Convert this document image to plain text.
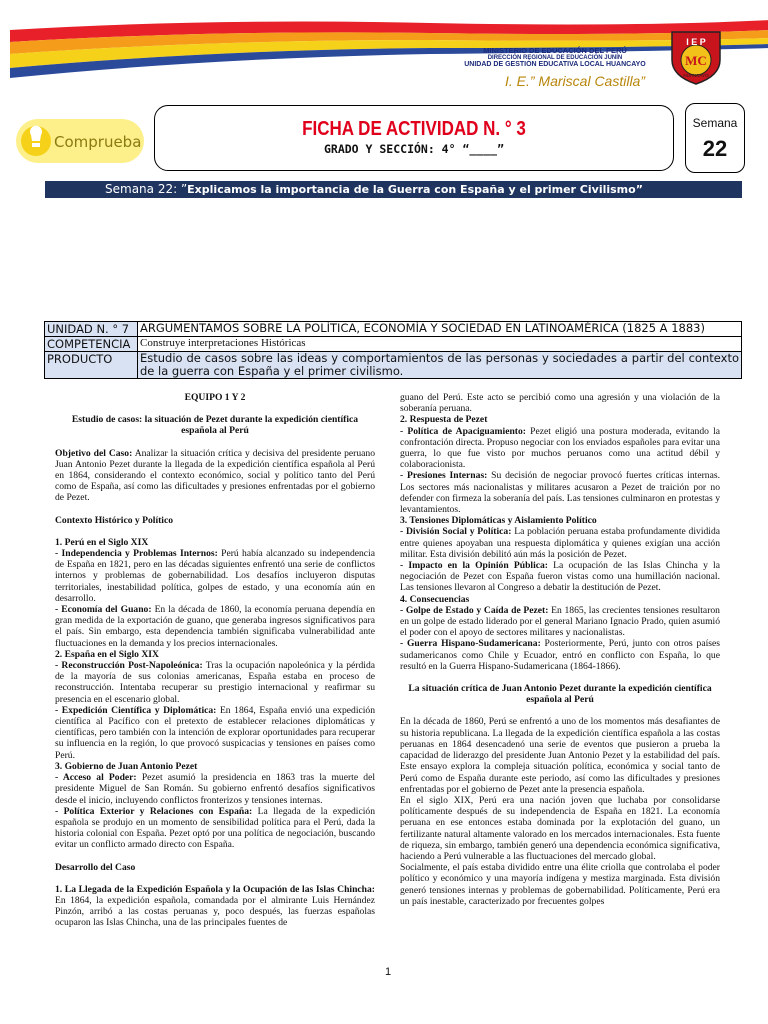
MINISTERIO DE EDUCACIÓN DEL PERÚ
DIRECCIÓN REGIONAL DE EDUCACIÓN JUNÍN
UNIDAD DE GESTIÓN EDUCATIVA LOCAL HUANCAYO
I. E.” Mariscal Castilla”
I E P
MC
HUANCAYO
Comprueba
FICHA DE ACTIVIDAD N. ° 3
GRADO Y SECCIÓN: 4° “____”
Semana
22
Semana 22: ”Explicamos la importancia de la Guerra con España y el primer Civilismo”
UNIDAD N. ° 7	ARGUMENTAMOS SOBRE LA POLÍTICA, ECONOMÍA Y SOCIEDAD EN LATINOAMÉRICA (1825 A 1883)
COMPETENCIA	Construye interpretaciones Históricas
PRODUCTO	Estudio de casos sobre las ideas y comportamientos de las personas y sociedades a partir del contexto de la guerra con España y el primer civilismo.

EQUIPO 1 Y 2

Estudio de casos: la situación de Pezet durante la expedición científica española al Perú

Objetivo del Caso: Analizar la situación crítica y decisiva del presidente peruano Juan Antonio Pezet durante la llegada de la expedición científica española al Perú en 1864, considerando el contexto económico, social y político tanto del Perú como de España, así como las dificultades y presiones enfrentadas por el gobierno de Pezet.

Contexto Histórico y Político

1. Perú en el Siglo XIX

- Independencia y Problemas Internos: Perú había alcanzado su independencia de España en 1821, pero en las décadas siguientes enfrentó una serie de conflictos internos y problemas de gobernabilidad. Los desafíos incluyeron disputas territoriales, inestabilidad política, golpes de estado, y una economía aún en desarrollo.

- Economía del Guano: En la década de 1860, la economía peruana dependía en gran medida de la exportación de guano, que generaba ingresos significativos para el país. Sin embargo, esta dependencia también significaba vulnerabilidad ante fluctuaciones en la demanda y los precios internacionales.

2. España en el Siglo XIX

- Reconstrucción Post-Napoleónica: Tras la ocupación napoleónica y la pérdida de la mayoría de sus colonias americanas, España estaba en proceso de reconstrucción. Intentaba recuperar su prestigio internacional y reafirmar su presencia en el escenario global.

- Expedición Científica y Diplomática: En 1864, España envió una expedición científica al Pacífico con el pretexto de establecer relaciones diplomáticas y científicas, pero también con la intención de explorar oportunidades para recuperar su influencia en la región, lo que provocó suspicacias y tensiones en países como Perú.

3. Gobierno de Juan Antonio Pezet

- Acceso al Poder: Pezet asumió la presidencia en 1863 tras la muerte del presidente Miguel de San Román. Su gobierno enfrentó desafíos significativos desde el inicio, incluyendo conflictos fronterizos y tensiones internas.

- Política Exterior y Relaciones con España: La llegada de la expedición española se produjo en un momento de sensibilidad política para el Perú, dada la historia colonial con España. Pezet optó por una política de negociación, buscando evitar un conflicto armado directo con España.

Desarrollo del Caso

1. La Llegada de la Expedición Española y la Ocupación de las Islas Chincha: En 1864, la expedición española, comandada por el almirante Luis Hernández Pinzón, arribó a las costas peruanas y, poco después, las fuerzas españolas ocuparon las Islas Chincha, una de las principales fuentes de

guano del Perú. Este acto se percibió como una agresión y una violación de la soberanía peruana.

2. Respuesta de Pezet

- Política de Apaciguamiento: Pezet eligió una postura moderada, evitando la confrontación directa. Propuso negociar con los enviados españoles para evitar una guerra, lo que fue visto por muchos peruanos como una actitud débil y colaboracionista.

- Presiones Internas: Su decisión de negociar provocó fuertes críticas internas. Los sectores más nacionalistas y militares acusaron a Pezet de traición por no defender con firmeza la soberanía del país. Las tensiones culminaron en protestas y levantamientos.

3. Tensiones Diplomáticas y Aislamiento Político

- División Social y Política: La población peruana estaba profundamente dividida entre quienes apoyaban una respuesta diplomática y quienes exigían una acción militar. Esta división debilitó aún más la posición de Pezet.

- Impacto en la Opinión Pública: La ocupación de las Islas Chincha y la negociación de Pezet con España fueron vistas como una humillación nacional. Las tensiones llevaron al Congreso a debatir la destitución de Pezet.

4. Consecuencias

- Golpe de Estado y Caída de Pezet: En 1865, las crecientes tensiones resultaron en un golpe de estado liderado por el general Mariano Ignacio Prado, quien asumió el poder con el apoyo de sectores militares y nacionalistas.

- Guerra Hispano-Sudamericana: Posteriormente, Perú, junto con otros países sudamericanos como Chile y Ecuador, entró en conflicto con España, lo que resultó en la Guerra Hispano-Sudamericana (1864-1866).

La situación crítica de Juan Antonio Pezet durante la expedición científica española al Perú

En la década de 1860, Perú se enfrentó a uno de los momentos más desafiantes de su historia republicana. La llegada de la expedición científica española a las costas peruanas en 1864 desencadenó una serie de eventos que pusieron a prueba la capacidad de liderazgo del presidente Juan Antonio Pezet y la estabilidad del país. Este ensayo explora la compleja situación política, económica y social tanto de Perú como de España durante este periodo, así como las dificultades y presiones enfrentadas por el gobierno de Pezet ante la presencia española.

En el siglo XIX, Perú era una nación joven que luchaba por consolidarse políticamente después de su independencia de España en 1821. La economía peruana en ese entonces estaba dominada por la explotación del guano, un fertilizante natural altamente valorado en los mercados internacionales. Esta fuente de riqueza, sin embargo, también generó una dependencia económica significativa, haciendo a Perú vulnerable a las fluctuaciones del mercado global.

Socialmente, el país estaba dividido entre una élite criolla que controlaba el poder político y económico y una mayoría indígena y mestiza marginada. Esta división generó tensiones internas y problemas de gobernabilidad. Políticamente, Perú era un país inestable, caracterizado por frecuentes golpes

1
